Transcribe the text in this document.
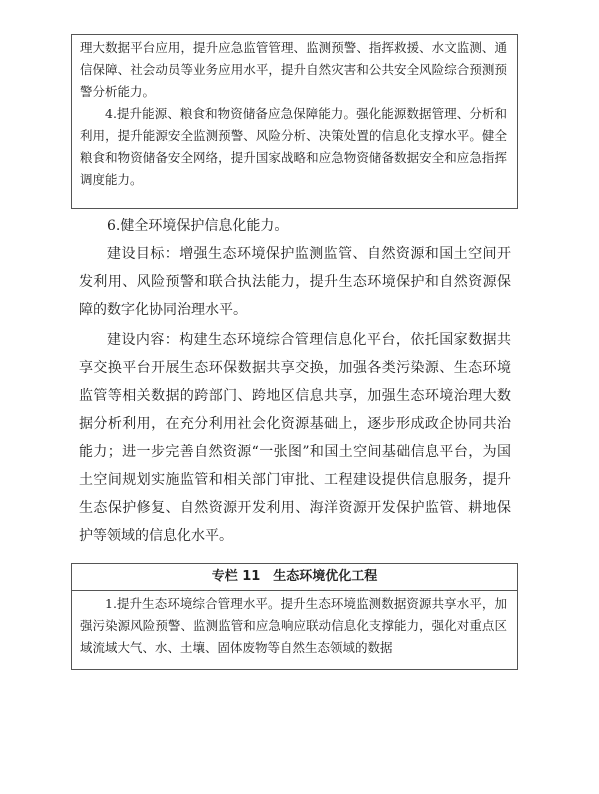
理大数据平台应用，提升应急监管管理、监测预警、指挥救援、水文监测、通信保障、社会动员等业务应用水平，提升自然灾害和公共安全风险综合预测预警分析能力。

4.提升能源、粮食和物资储备应急保障能力。强化能源数据管理、分析和利用，提升能源安全监测预警、风险分析、决策处置的信息化支撑水平。健全粮食和物资储备安全网络，提升国家战略和应急物资储备数据安全和应急指挥调度能力。

6.健全环境保护信息化能力。

建设目标：增强生态环境保护监测监管、自然资源和国土空间开发利用、风险预警和联合执法能力，提升生态环境保护和自然资源保障的数字化协同治理水平。

建设内容：构建生态环境综合管理信息化平台，依托国家数据共享交换平台开展生态环保数据共享交换，加强各类污染源、生态环境监管等相关数据的跨部门、跨地区信息共享，加强生态环境治理大数据分析利用，在充分利用社会化资源基础上，逐步形成政企协同共治能力；进一步完善自然资源“一张图”和国土空间基础信息平台，为国土空间规划实施监管和相关部门审批、工程建设提供信息服务，提升生态保护修复、自然资源开发利用、海洋资源开发保护监管、耕地保护等领域的信息化水平。

专栏 11　生态环境优化工程

1.提升生态环境综合管理水平。提升生态环境监测数据资源共享水平，加强污染源风险预警、监测监管和应急响应联动信息化支撑能力，强化对重点区域流域大气、水、土壤、固体废物等自然生态领域的数据
